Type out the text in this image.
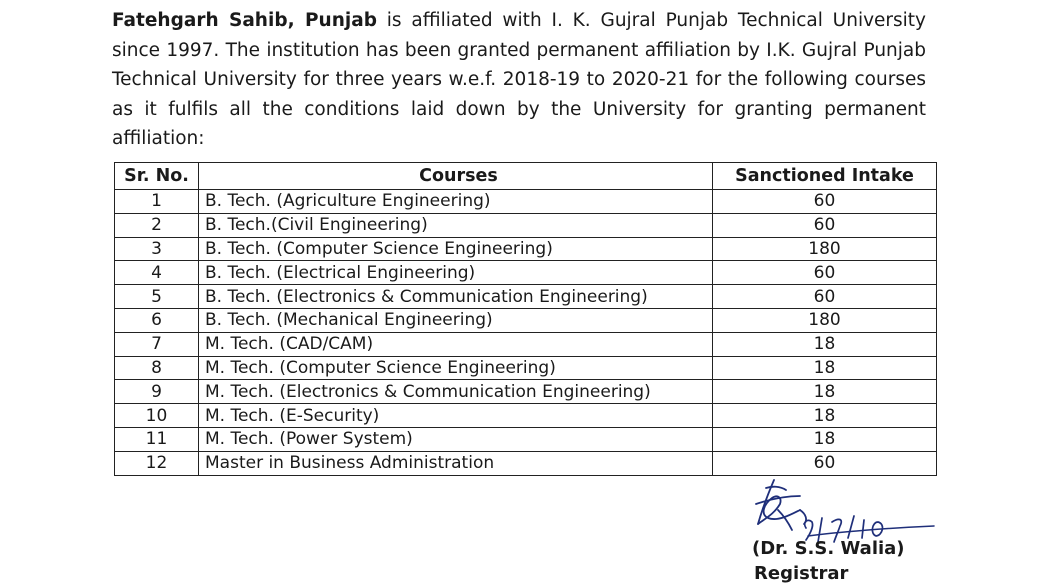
Fatehgarh Sahib, Punjab is affiliated with I. K. Gujral Punjab Technical University
since 1997. The institution has been granted permanent affiliation by I.K. Gujral Punjab
Technical University for three years w.e.f. 2018-19 to 2020-21 for the following courses
as it fulfils all the conditions laid down by the University for granting permanent
affiliation:
Sr. No.	Courses	Sanctioned Intake
1	B. Tech. (Agriculture Engineering)	60
2	B. Tech.(Civil Engineering)	60
3	B. Tech. (Computer Science Engineering)	180
4	B. Tech. (Electrical Engineering)	60
5	B. Tech. (Electronics & Communication Engineering)	60
6	B. Tech. (Mechanical Engineering)	180
7	M. Tech. (CAD/CAM)	18
8	M. Tech. (Computer Science Engineering)	18
9	M. Tech. (Electronics & Communication Engineering)	18
10	M. Tech. (E-Security)	18
11	M. Tech. (Power System)	18
12	Master in Business Administration	60
(Dr. S.S. Walia)
Registrar
